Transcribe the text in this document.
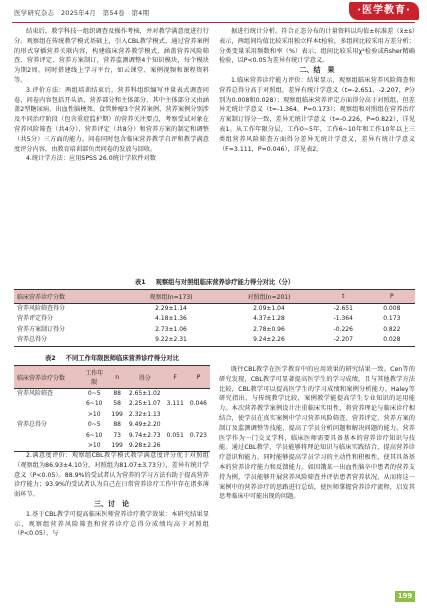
医学研究杂志　2025年4月　第54卷　第4期	·医学教育·

结束后，教学科技一组织调查及操作考核，并对教学满意度进行行分。观察组在传统教学模式基础上，引入CBL教学模式。通过营养案例的形式穿插营养关联内容，构建临床营养教学模式，涵盖营养风险筛查、营养评定、营养方案制订，营养监测调整4个知识模块，每个模块为期2周。同时搭建线上学习平台，如云课堂、案例视频和课程资料等。

3.评价方法：两组培训结束后，营养科组织编写并量表式调查问卷，问卷内容包括开头语、营养部分和主体部分，其中主体部分又由涵盖2型糖尿病、出血性脑梗死、食管肿瘤3个营养案例，营养案例分别涉及不同治疗阶段（包含重症监护期）的营养关注要点，考察受试对象在营养风险筛查（共4分）、营养评定（共8分）和营养方案的制定和调整（共5分）三方面的能力。问卷同时包含临床营养教学自评和教学满意度评分内容，由教育培训部负责问卷的发放与回收。

4.统计学方法：应用SPSS 26.0统计学软件对数

据进行统计分析。符合正态分布的计量资料以均值±标准差（x̄±s）表示，两组间均值比较采用独立样本t检验，多组间比较采用方差分析；分类变量采用频数和率（%）表示，组间比较采用χ²检验或Fisher精确检验，以P<0.05为差异有统计学意义。

二、结　果

1.临床营养诊疗能力评价：结果显示，观察组临床营养风险筛查和营养总得分高于对照组，差异有统计学意义（t=-2.651、-2.207，P分别为0.008和0.028）；观察组临床营养评定方面得分高于对照组，但差异无统计学意义（t=-1.364，P=0.173）；观察组和对照组在营养治疗方案制订得分一致，差异无统计学意义（t=-0.226，P=0.822），详见表1。从工作年限分层，工作0~5年、工作6~10年和工作10年以上三类组营养风险筛查方面得分差异无统计学意义，差异有统计学意义（F=3.111，P=0.046），详见表2。

表1 观察组与对照组临床营养诊疗能力得分对比（分）
临床营养诊疗分数	观察组(n=173)	对照组(n=201)	t	P
营养风险筛查得分	2.29±1.14	2.09±1.04	-2.651	0.008
营养评定得分	4.18±1.36	4.37±1.28	-1.364	0.173
营养方案制订得分	2.73±1.06	2.78±0.96	-0.226	0.822
营养总得分	9.22±2.31	9.24±2.26	-2.207	0.028
表2 不同工作年限医师临床营养诊疗得分对比
临床营养诊疗分数	工作年限	n	得分	F	P
营养风险筛查	0~5	88	2.65±1.02		
	6~10	58	2.25±1.07	3.111	0.046
	>10	199	2.32±1.13		
营养总得分	0~5	88	9.49±2.20		
	6~10	73	9.74±2.73	0.051	0.723
	>10	199	9.28±2.26		

2.满意度评价：观察组CBL教学模式教学满意度评分优于对照组（观察组为86.93±4.10分，对照组为81.07±3.73分），差异有统计学意义（P<0.05）。88.9%的受试者认为营养的学习方法有助于提高营养诊疗能力；93.9%的受试者认为自己在日常营养诊疗工作中存在诸多薄弱环节。

三、讨　论

1.基于CBL教学可提高临床医师营养诊疗教学效果：本研究结果显示，观察组营养风险筛查和营养诊疗总得分成绩均高于对照组（P<0.05），与

既往CBL教学在医学教育中的应用效果的研究结果一致。Cen等的研究发现，CBL教学可显著提高医学生的学习成绩，且与其他教学方法比较，CBL教学可以提高医学生的学习成绩和案例分析能力。Haley等研究指出，与传统教学比较，案例教学能提高学生专业知识的运用能力。本次营养教学案例设计注重临床实用性，将营养理论与临床诊疗相结合，使学员在真实案例中学习营养风险筛查、营养评定、营养方案的制订及监测调整等技能，提高了学员分析问题和解决问题的能力。营养医学作为一门交叉学科，临床医师需要具备基本的营养诊疗知识与技能。通过CBL教学，学员能够将理论知识与临床实践结合，提高营养诊疗意识和能力，同时能够提高学员学习的主动性和积极性，使其具备基本的营养诊疗能力和反馈能力。如因饿某一出血性脑卒中患者的营养支持为例，学员能够开展营养风险筛查并评估患者营养状况，从而将这一案例中的营养诊疗的思路进行总结，使医师掌握营养诊疗流程，启发其思考临床中可能出现的问题。

199
